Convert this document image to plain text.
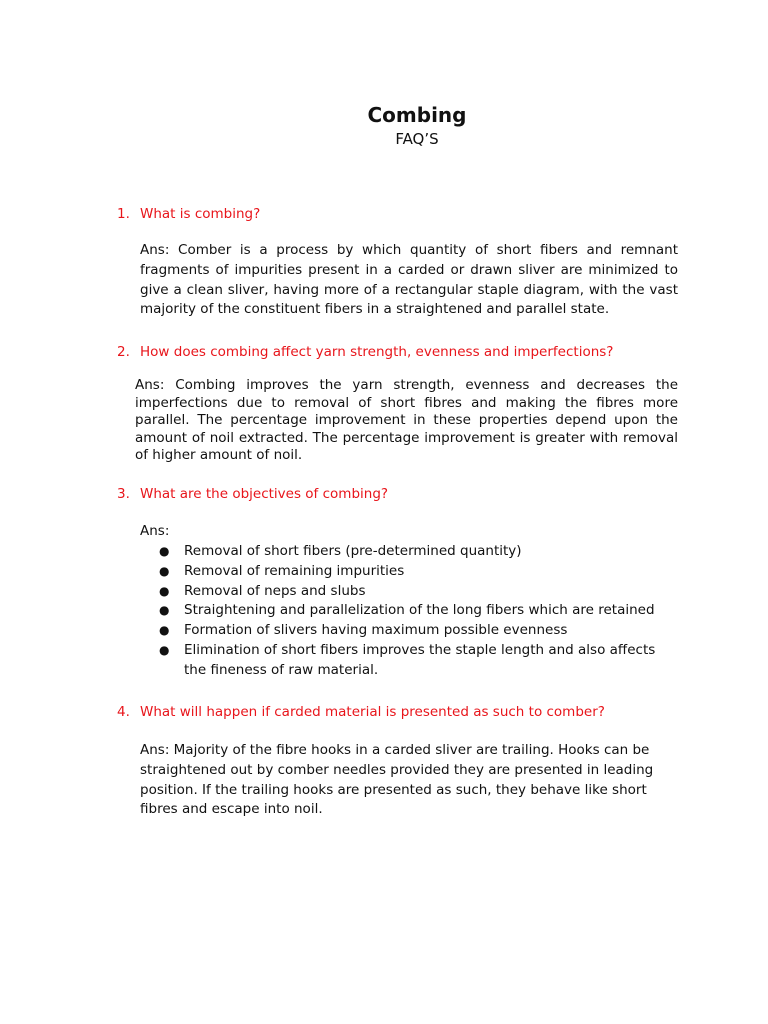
Combing
FAQ’S
1. What is combing?

Ans: Comber is a process by which quantity of short fibers and remnant fragments of impurities present in a carded or drawn sliver are minimized to give a clean sliver, having more of a rectangular staple diagram, with the vast majority of the constituent fibers in a straightened and parallel state.

2. How does combing affect yarn strength, evenness and imperfections?

Ans: Combing improves the yarn strength, evenness and decreases the imperfections due to removal of short fibres and making the fibres more parallel. The percentage improvement in these properties depend upon the amount of noil extracted. The percentage improvement is greater with removal of higher amount of noil.

3. What are the objectives of combing?
Ans:
● Removal of short fibers (pre-determined quantity)
● Removal of remaining impurities
● Removal of neps and slubs
● Straightening and parallelization of the long fibers which are retained
● Formation of slivers having maximum possible evenness
● Elimination of short fibers improves the staple length and also affects the fineness of raw material.
4. What will happen if carded material is presented as such to comber?

Ans: Majority of the fibre hooks in a carded sliver are trailing. Hooks can be straightened out by comber needles provided they are presented in leading position. If the trailing hooks are presented as such, they behave like short fibres and escape into noil.
